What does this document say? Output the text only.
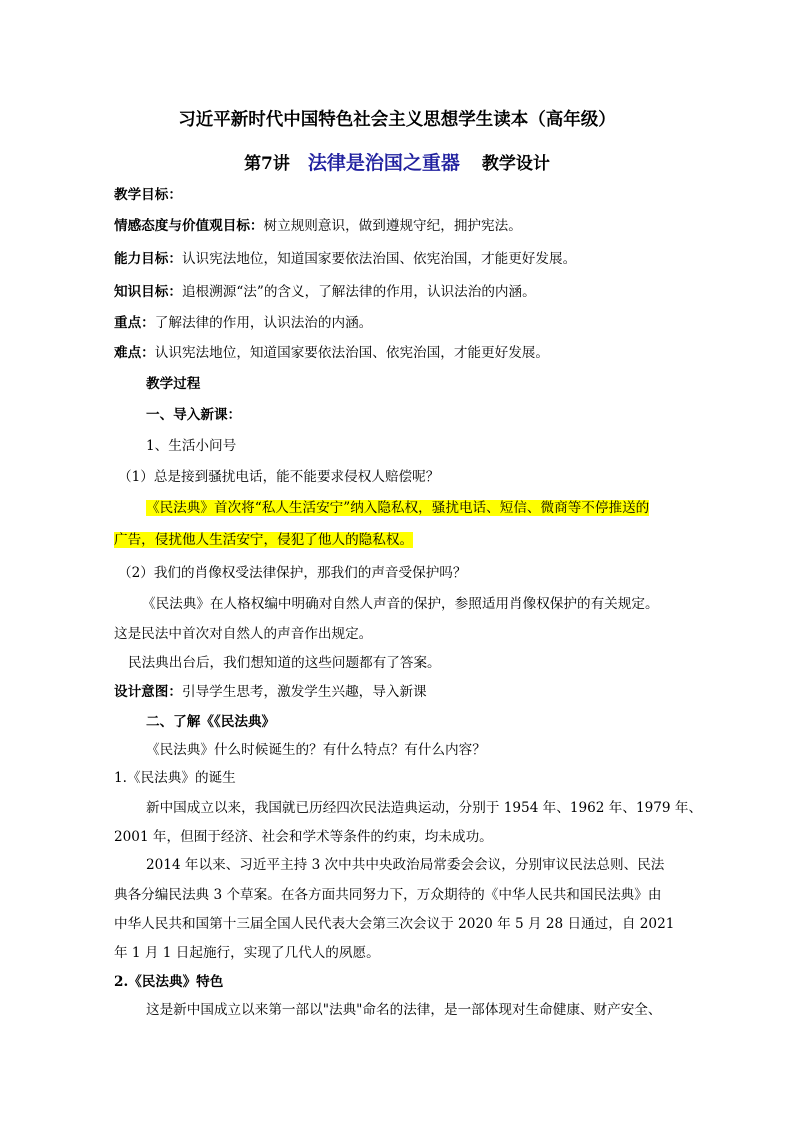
习近平新时代中国特色社会主义思想学生读本（高年级）
第7讲 法律是治国之重器 教学设计
教学目标：
情感态度与价值观目标：树立规则意识，做到遵规守纪，拥护宪法。
能力目标：认识宪法地位，知道国家要依法治国、依宪治国，才能更好发展。
知识目标：追根溯源“法”的含义，了解法律的作用，认识法治的内涵。
重点：了解法律的作用，认识法治的内涵。
难点：认识宪法地位，知道国家要依法治国、依宪治国，才能更好发展。
教学过程
一、导入新课：
1、生活小问号
（1）总是接到骚扰电话，能不能要求侵权人赔偿呢？
《民法典》首次将“私人生活安宁”纳入隐私权，骚扰电话、短信、微商等不停推送的
广告，侵扰他人生活安宁，侵犯了他人的隐私权。
（2）我们的肖像权受法律保护，那我们的声音受保护吗？
《民法典》在人格权编中明确对自然人声音的保护，参照适用肖像权保护的有关规定。
这是民法中首次对自然人的声音作出规定。
民法典出台后，我们想知道的这些问题都有了答案。
设计意图：引导学生思考，激发学生兴趣，导入新课
二、了解《《民法典》
《民法典》什么时候诞生的？有什么特点？有什么内容？
1.《民法典》的诞生
新中国成立以来，我国就已历经四次民法造典运动，分别于 1954 年、1962 年、1979 年、
2001 年，但囿于经济、社会和学术等条件的约束，均未成功。
2014 年以来、习近平主持 3 次中共中央政治局常委会会议，分别审议民法总则、民法
典各分编民法典 3 个草案。在各方面共同努力下，万众期待的《中华人民共和国民法典》由
中华人民共和国第十三届全国人民代表大会第三次会议于 2020 年 5 月 28 日通过，自 2021
年 1 月 1 日起施行，实现了几代人的夙愿。
2.《民法典》特色
这是新中国成立以来第一部以"法典"命名的法律，是一部体现对生命健康、财产安全、
